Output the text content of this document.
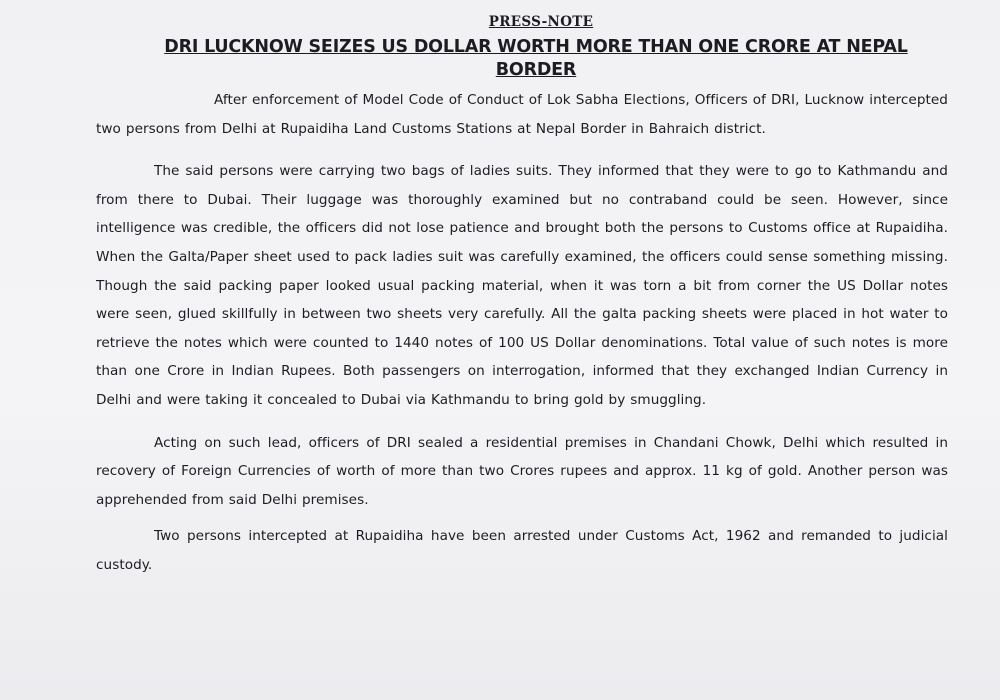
PRESS-NOTE
DRI LUCKNOW SEIZES US DOLLAR WORTH MORE THAN ONE CRORE AT NEPAL BORDER

After enforcement of Model Code of Conduct of Lok Sabha Elections, Officers of DRI, Lucknow intercepted two persons from Delhi at Rupaidiha Land Customs Stations at Nepal Border in Bahraich district.

The said persons were carrying two bags of ladies suits. They informed that they were to go to Kathmandu and from there to Dubai. Their luggage was thoroughly examined but no contraband could be seen. However, since intelligence was credible, the officers did not lose patience and brought both the persons to Customs office at Rupaidiha. When the Galta/Paper sheet used to pack ladies suit was carefully examined, the officers could sense something missing. Though the said packing paper looked usual packing material, when it was torn a bit from corner the US Dollar notes were seen, glued skillfully in between two sheets very carefully. All the galta packing sheets were placed in hot water to retrieve the notes which were counted to 1440 notes of 100 US Dollar denominations. Total value of such notes is more than one Crore in Indian Rupees. Both passengers on interrogation, informed that they exchanged Indian Currency in Delhi and were taking it concealed to Dubai via Kathmandu to bring gold by smuggling.

Acting on such lead, officers of DRI sealed a residential premises in Chandani Chowk, Delhi which resulted in recovery of Foreign Currencies of worth of more than two Crores rupees and approx. 11 kg of gold. Another person was apprehended from said Delhi premises.

Two persons intercepted at Rupaidiha have been arrested under Customs Act, 1962 and remanded to judicial custody.
